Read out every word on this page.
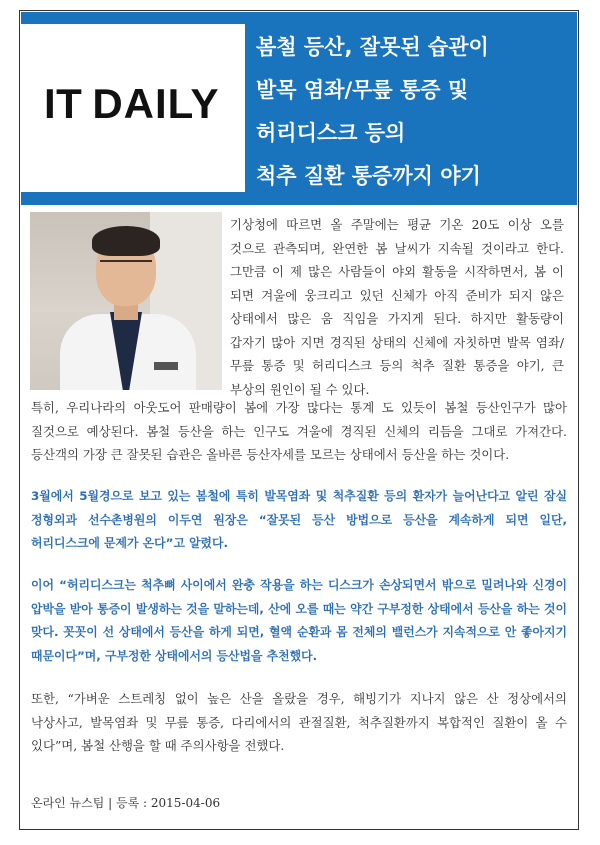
IT DAILY
봄철 등산, 잘못된 습관이
발목 염좌/무릎 통증 및
허리디스크 등의
척추 질환 통증까지 야기
기상청에 따르면 올 주말에는 평균 기온 20도 이상 오를 것으로 관측되며, 완연한 봄 날씨가 지속될 것이라고 한다. 그만큼 이 제 많은 사람들이 야외 활동을 시작하면서, 봄 이 되면 겨울에 웅크리고 있던 신체가 아직 준비가 되지 않은 상태에서 많은 움 직임을 가지게 된다. 하지만 활동량이 갑자기 많아 지면 경직된 상태의 신체에 자칫하면 발목 염좌/무릎 통증 및 허리디스크 등의 척추 질환 통증을 야기, 큰 부상의 원인이 될 수 있다.
특히, 우리나라의 아웃도어 판매량이 봄에 가장 많다는 통계 도 있듯이 봄철 등산인구가 많아 질것으로 예상된다. 봄철 등산을 하는 인구도 겨울에 경직된 신체의 리듬을 그대로 가져간다. 등산객의 가장 큰 잘못된 습관은 올바른 등산자세를 모르는 상태에서 등산을 하는 것이다.
3월에서 5월경으로 보고 있는 봄철에 특히 발목염좌 및 척추질환 등의 환자가 늘어난다고 알린 잠실 정형외과 선수촌병원의 이두연 원장은 “잘못된 등산 방법으로 등산을 계속하게 되면 일단, 허리디스크에 문제가 온다”고 알렸다.
이어 “허리디스크는 척추뼈 사이에서 완충 작용을 하는 디스크가 손상되면서 밖으로 밀려나와 신경이 압박을 받아 통증이 발생하는 것을 말하는데, 산에 오를 때는 약간 구부정한 상태에서 등산을 하는 것이 맞다. 꼿꼿이 선 상태에서 등산을 하게 되면, 혈액 순환과 몸 전체의 밸런스가 지속적으로 안 좋아지기 때문이다”며, 구부정한 상태에서의 등산법을 추천했다.
또한, “가벼운 스트레칭 없이 높은 산을 올랐을 경우, 해빙기가 지나지 않은 산 정상에서의 낙상사고, 발목염좌 및 무릎 통증, 다리에서의 관절질환, 척추질환까지 복합적인 질환이 올 수 있다”며, 봄철 산행을 할 때 주의사항을 전했다.
온라인 뉴스팀 | 등록 : 2015-04-06
